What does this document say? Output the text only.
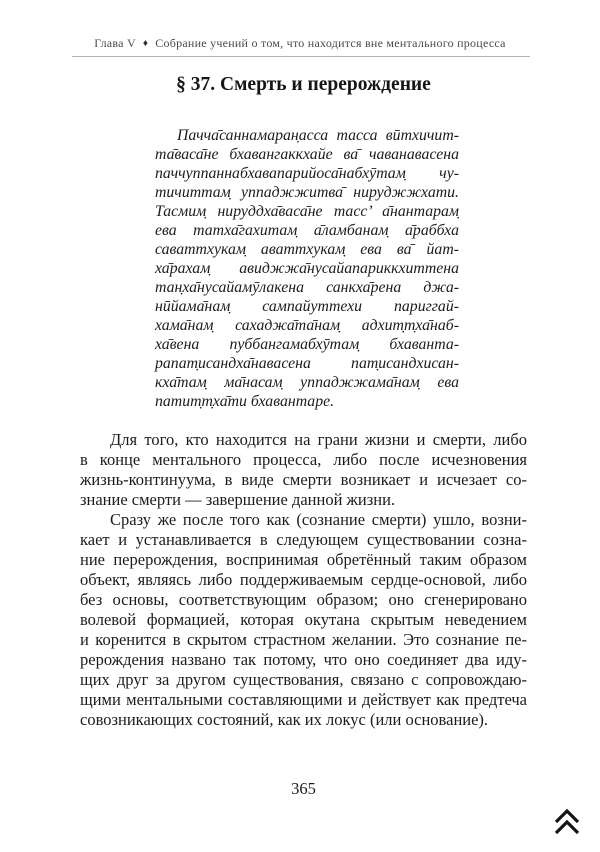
Глава V ♦ Собрание учений о том, что находится вне ментального процесса
§ 37. Смерть и перерождение
Пачча̄саннамаран̣асса тасса вӣтхичит-
та̄васа̄не бхавангаккхайе ва̄ чаванавасена
паччуппаннабхавапарийоса̄набхӯтам̣ чу-
тичиттам̣ уппаджжитва̄ нируджжхати.
Тасмим̣ нируддха̄васа̄не тасс’ а̄нантарам̣
ева татха̄гахитам̣ а̄ламбанам̣ а̄раббха
саваттхукам̣ аваттхукам̣ ева ва̄ йат-
ха̄рахам̣ авиджжа̄нусайапариккхиттена
тан̣ха̄нусайамӯлакена санкха̄рена джа-
нӣйама̄нам̣ сампайуттехи париггай-
хама̄нам̣ сахаджа̄та̄нам̣ адхит̣т̣ха̄наб-
ха̄вена пуббангамабхӯтам̣ бхаванта-
рапат̣исандха̄навасена пат̣исандхисан-
кха̄там̣ ма̄насам̣ уппаджжама̄нам̣ ева
патит̣т̣ха̄ти бхавантаре.
Для того, кто находится на грани жизни и смерти, либо
в конце ментального процесса, либо после исчезновения
жизнь-континуума, в виде смерти возникает и исчезает со-
знание смерти — завершение данной жизни.
Сразу же после того как (сознание смерти) ушло, возни-
кает и устанавливается в следующем существовании созна-
ние перерождения, воспринимая обретённый таким образом
объект, являясь либо поддерживаемым сердце-основой, либо
без основы, соответствующим образом; оно сгенерировано
волевой формацией, которая окутана скрытым неведением
и коренится в скрытом страстном желании. Это сознание пе-
рерождения названо так потому, что оно соединяет два иду-
щих друг за другом существования, связано с сопровождаю-
щими ментальными составляющими и действует как предтеча
совозникающих состояний, как их локус (или основание).
365
